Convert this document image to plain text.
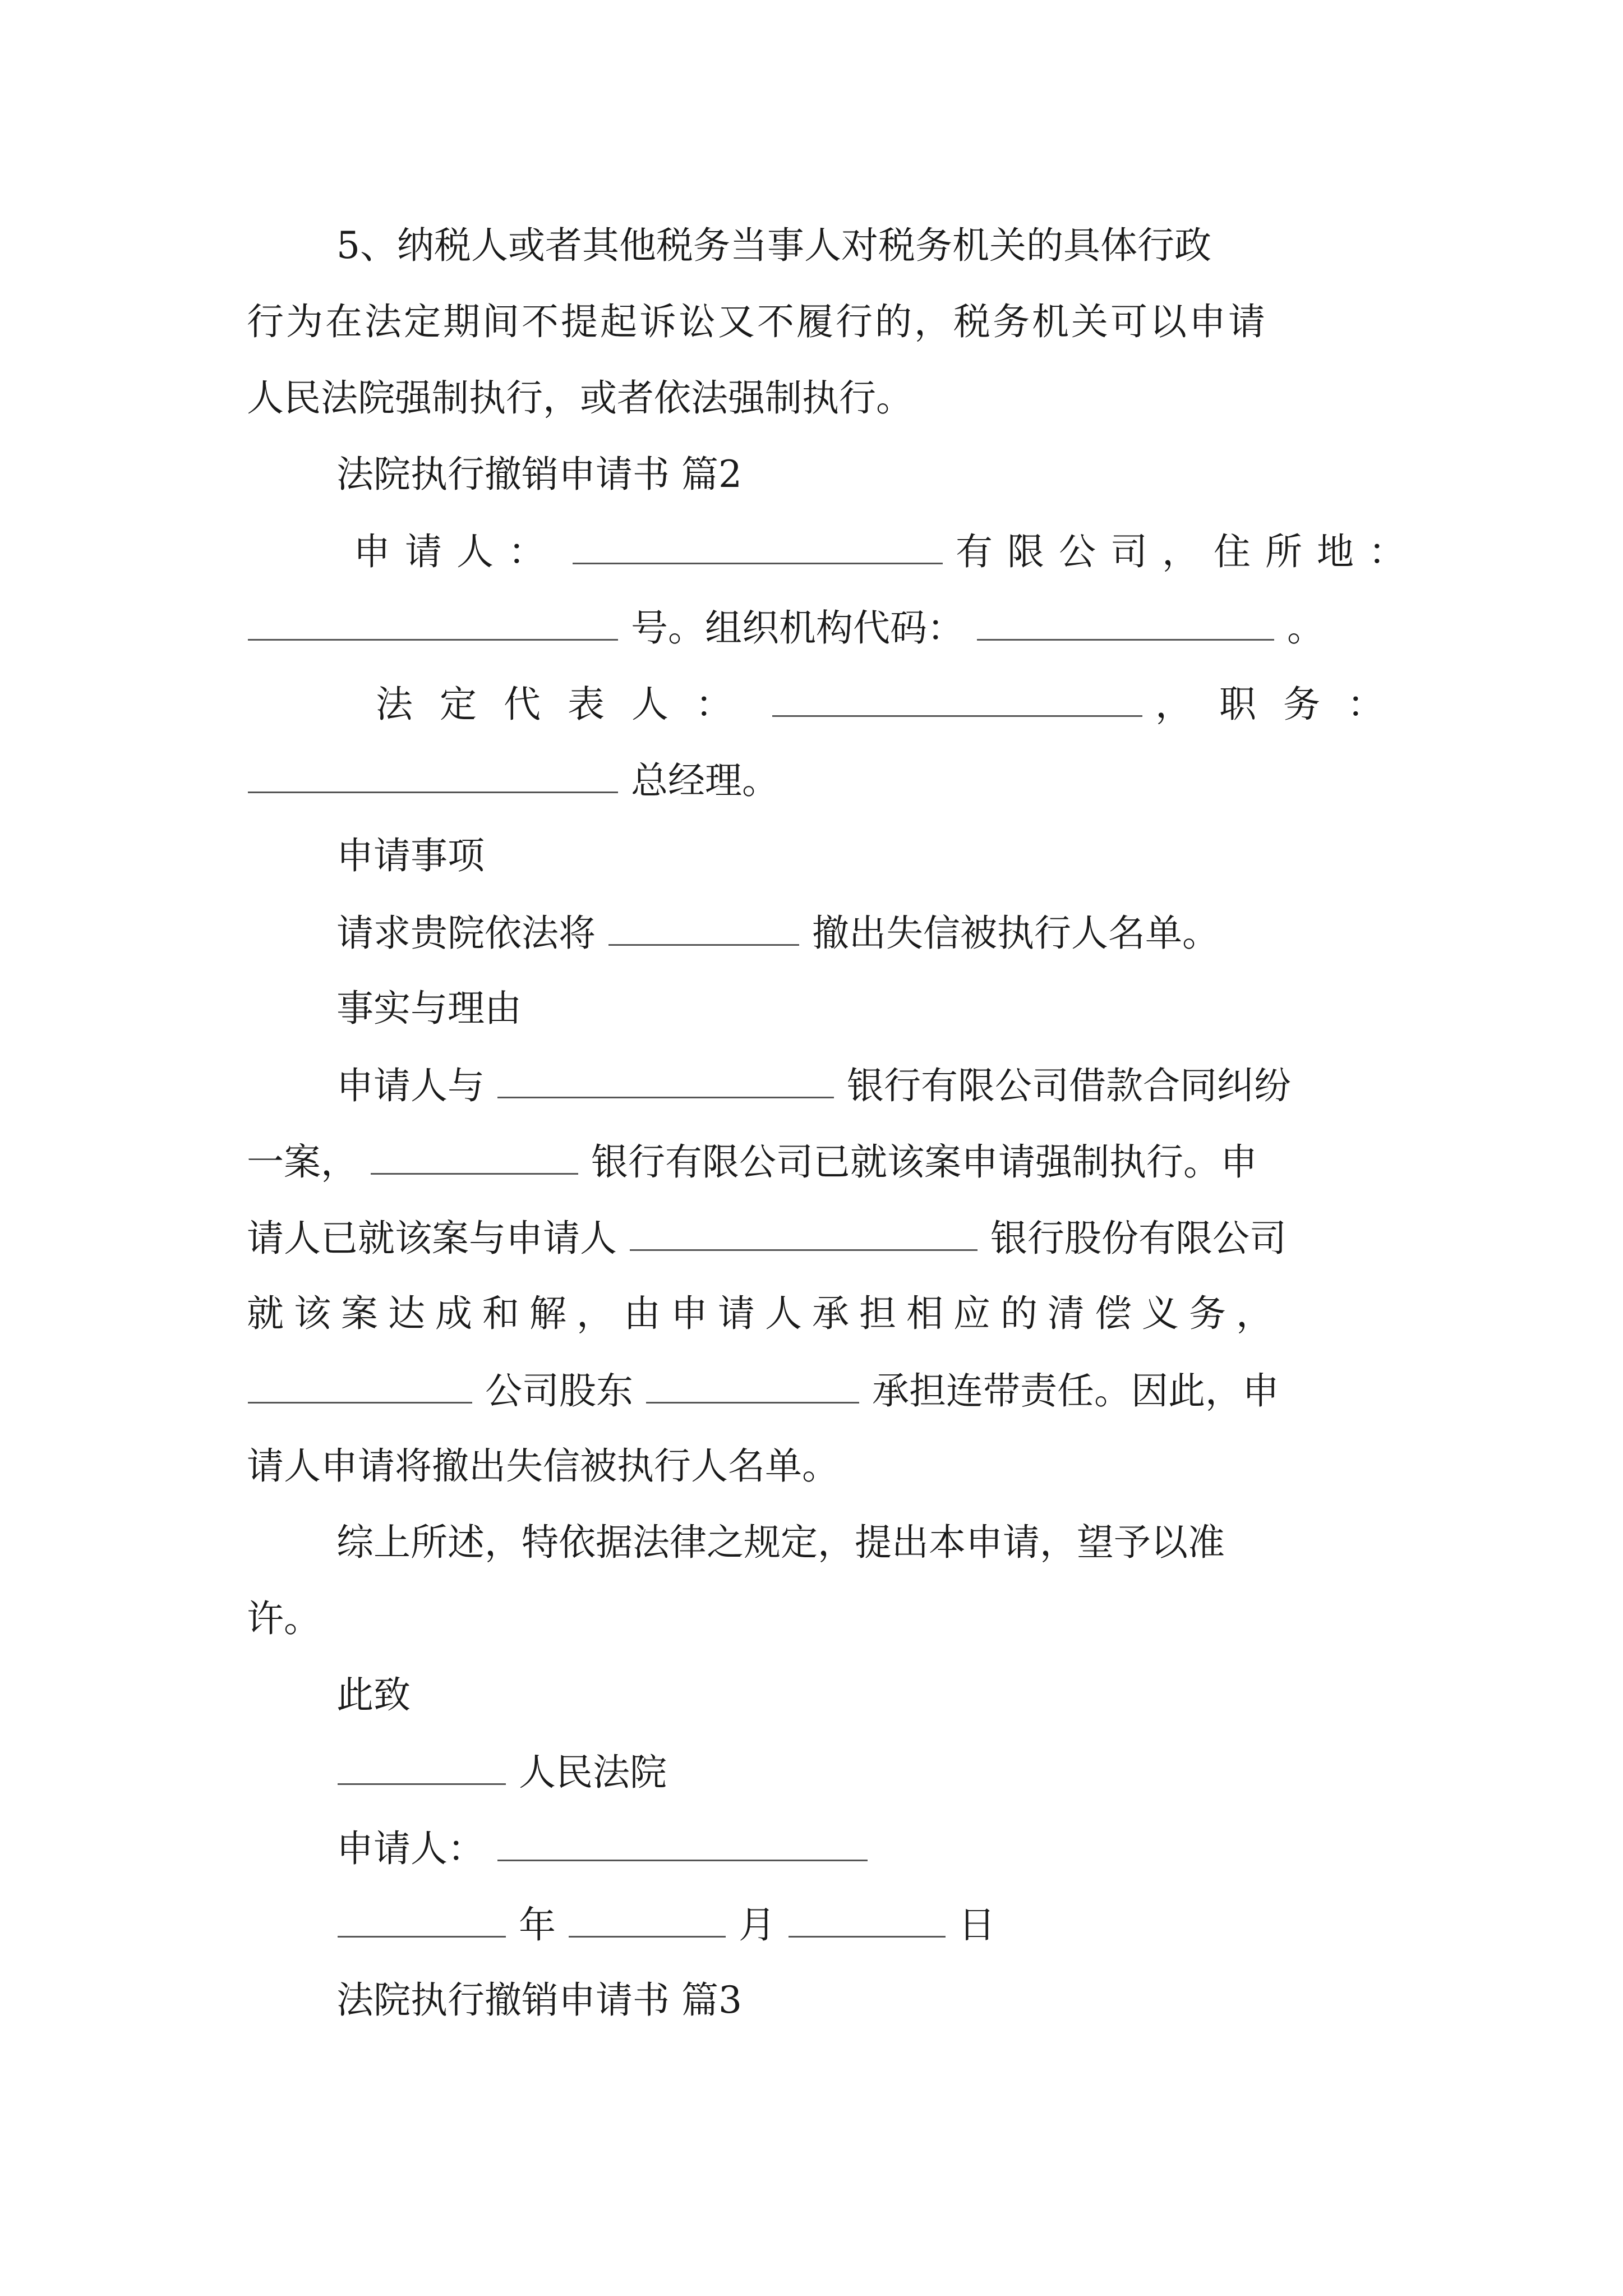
5、纳税人或者其他税务当事人对税务机关的具体行政
行为在法定期间不提起诉讼又不履行的，税务机关可以申请
人民法院强制执行，或者依法强制执行。
法院执行撤销申请书 篇2
申请人：	有限公司，住所地：
号。组织机构代码：	。
法定代表人：	，职务：
总经理。
申请事项
请求贵院依法将	撤出失信被执行人名单。
事实与理由
申请人与	银行有限公司借款合同纠纷
一案，	银行有限公司已就该案申请强制执行。申
请人已就该案与申请人	银行股份有限公司
就该案达成和解，由申请人承担相应的清偿义务，
公司股东	承担连带责任。因此，申
请人申请将撤出失信被执行人名单。
综上所述，特依据法律之规定，提出本申请，望予以准
许。
此致
人民法院
申请人：
年	月	日
法院执行撤销申请书 篇3
